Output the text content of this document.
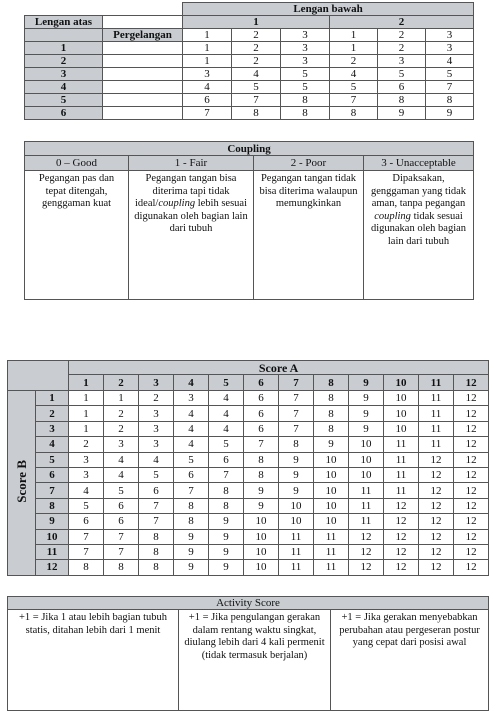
		Lengan bawah					
Lengan atas		1			2		
	Pergelangan	1	2	3	1	2	3
1		1	2	3	1	2	3
2		1	2	3	2	3	4
3		3	4	5	4	5	5
4		4	5	5	5	6	7
5		6	7	8	7	8	8
6		7	8	8	8	9	9
Coupling			
0 – Good	1 - Fair	2 - Poor	3 - Unacceptable
Pegangan pas dan tepat ditengah, genggaman kuat	Pegangan tangan bisa diterima tapi tidak ideal/coupling lebih sesuai digunakan oleh bagian lain dari tubuh	Pegangan tangan tidak bisa diterima walaupun memungkinkan	Dipaksakan, genggaman yang tidak aman, tanpa pegangan coupling tidak sesuai digunakan oleh bagian lain dari tubuh
		Score A											
		1	2	3	4	5	6	7	8	9	10	11	12
Score B	1	1	1	2	3	4	6	7	8	9	10	11	12
	2	1	2	3	4	4	6	7	8	9	10	11	12
	3	1	2	3	4	4	6	7	8	9	10	11	12
	4	2	3	3	4	5	7	8	9	10	11	11	12
	5	3	4	4	5	6	8	9	10	10	11	12	12
	6	3	4	5	6	7	8	9	10	10	11	12	12
	7	4	5	6	7	8	9	9	10	11	11	12	12
	8	5	6	7	8	8	9	10	10	11	12	12	12
	9	6	6	7	8	9	10	10	10	11	12	12	12
	10	7	7	8	9	9	10	11	11	12	12	12	12
	11	7	7	8	9	9	10	11	11	12	12	12	12
	12	8	8	8	9	9	10	11	11	12	12	12	12
Activity Score
+1 = Jika 1 atau lebih bagian tubuh statis, ditahan lebih dari 1 menit	+1 = Jika pengulangan gerakan dalam rentang waktu singkat, diulang lebih dari 4 kali permenit (tidak termasuk berjalan)	+1 = Jika gerakan menyebabkan perubahan atau pergeseran postur yang cepat dari posisi awal
